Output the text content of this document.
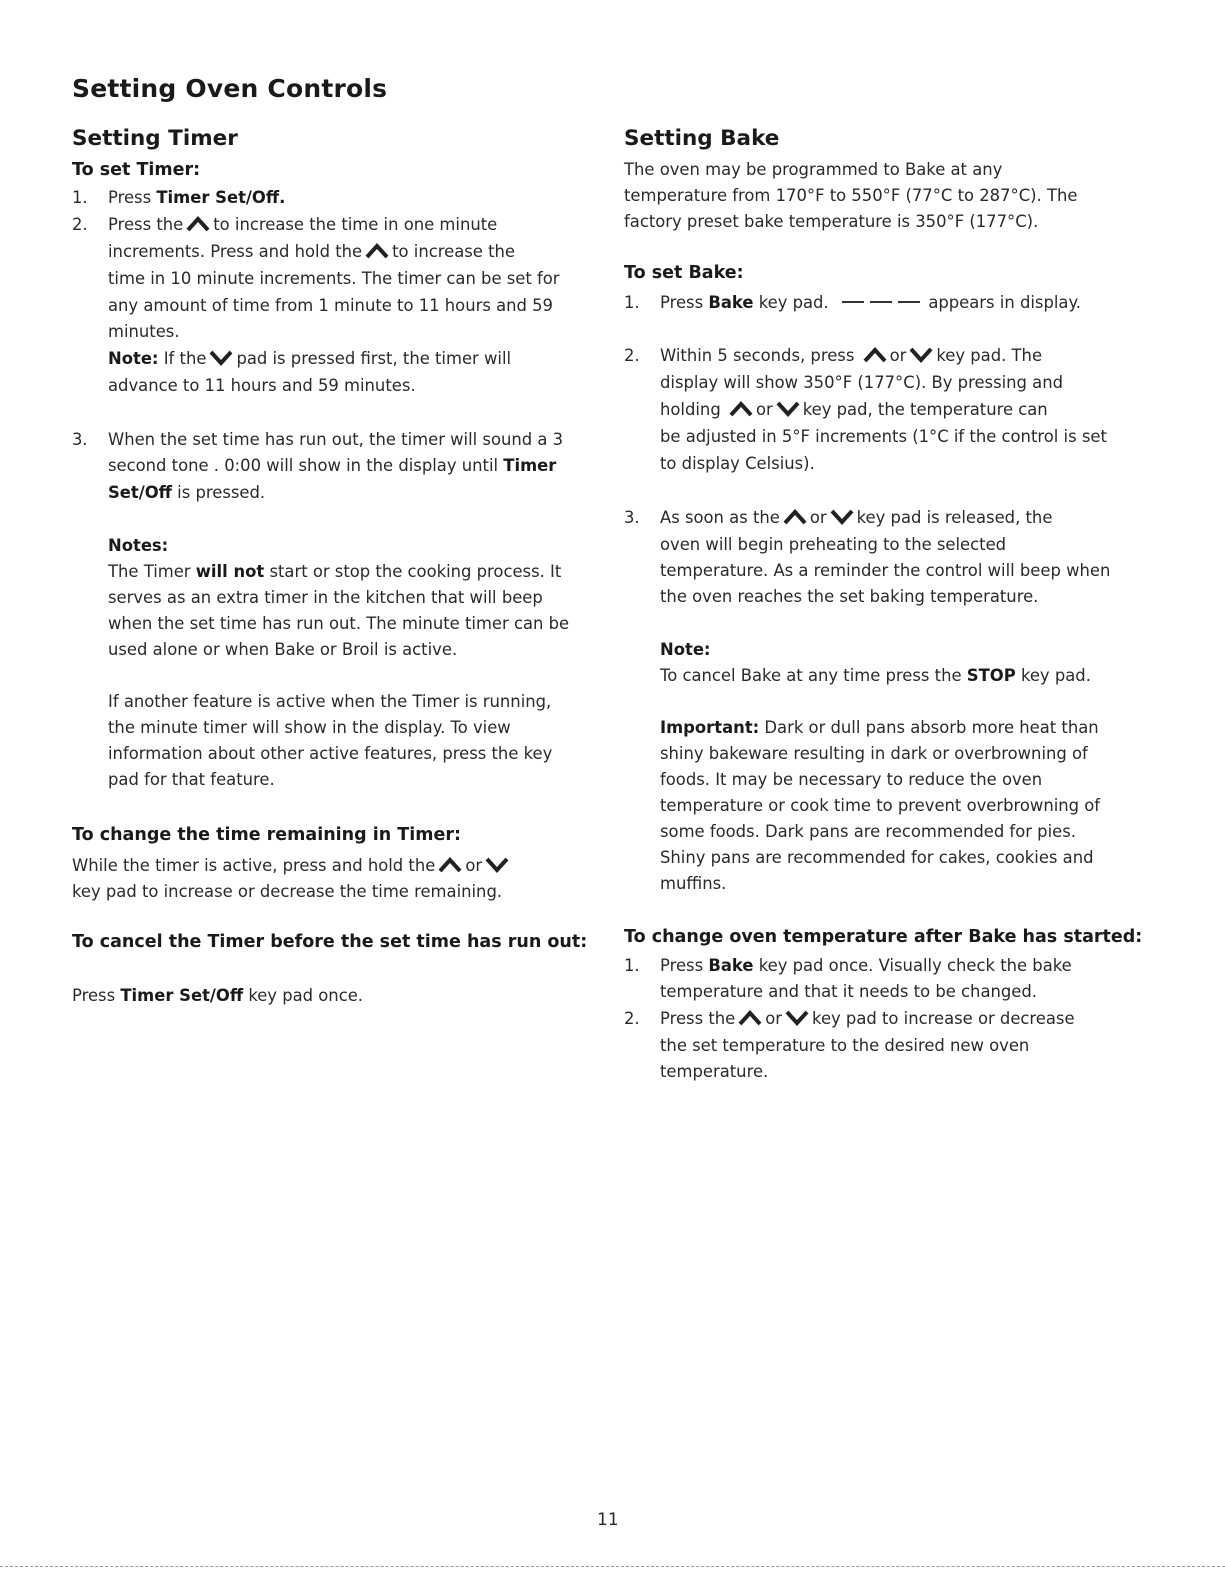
Setting Oven Controls
Setting Timer
To set Timer:
1. Press Timer Set/Off.
2. Press the to increase the time in one minute
increments. Press and hold the to increase the
time in 10 minute increments. The timer can be set for
any amount of time from 1 minute to 11 hours and 59
minutes.
Note: If the pad is pressed first, the timer will
advance to 11 hours and 59 minutes.
3. When the set time has run out, the timer will sound a 3
second tone . 0:00 will show in the display until Timer
Set/Off is pressed.
Notes:
The Timer will not start or stop the cooking process. It
serves as an extra timer in the kitchen that will beep
when the set time has run out. The minute timer can be
used alone or when Bake or Broil is active.
If another feature is active when the Timer is running,
the minute timer will show in the display. To view
information about other active features, press the key
pad for that feature.
To change the time remaining in Timer:
While the timer is active, press and hold the or
key pad to increase or decrease the time remaining.
To cancel the Timer before the set time has run out:
Press Timer Set/Off key pad once.
Setting Bake
The oven may be programmed to Bake at any
temperature from 170°F to 550°F (77°C to 287°C). The
factory preset bake temperature is 350°F (177°C).
To set Bake:
1. Press Bake key pad.	appears in display.
2. Within 5 seconds, press or key pad. The
display will show 350°F (177°C). By pressing and
holding or key pad, the temperature can
be adjusted in 5°F increments (1°C if the control is set
to display Celsius).
3. As soon as the or key pad is released, the
oven will begin preheating to the selected
temperature. As a reminder the control will beep when
the oven reaches the set baking temperature.
Note:
To cancel Bake at any time press the STOP key pad.
Important: Dark or dull pans absorb more heat than
shiny bakeware resulting in dark or overbrowning of
foods. It may be necessary to reduce the oven
temperature or cook time to prevent overbrowning of
some foods. Dark pans are recommended for pies.
Shiny pans are recommended for cakes, cookies and
muffins.
To change oven temperature after Bake has started:
1. Press Bake key pad once. Visually check the bake
temperature and that it needs to be changed.
2. Press the or key pad to increase or decrease
the set temperature to the desired new oven
temperature.
11
